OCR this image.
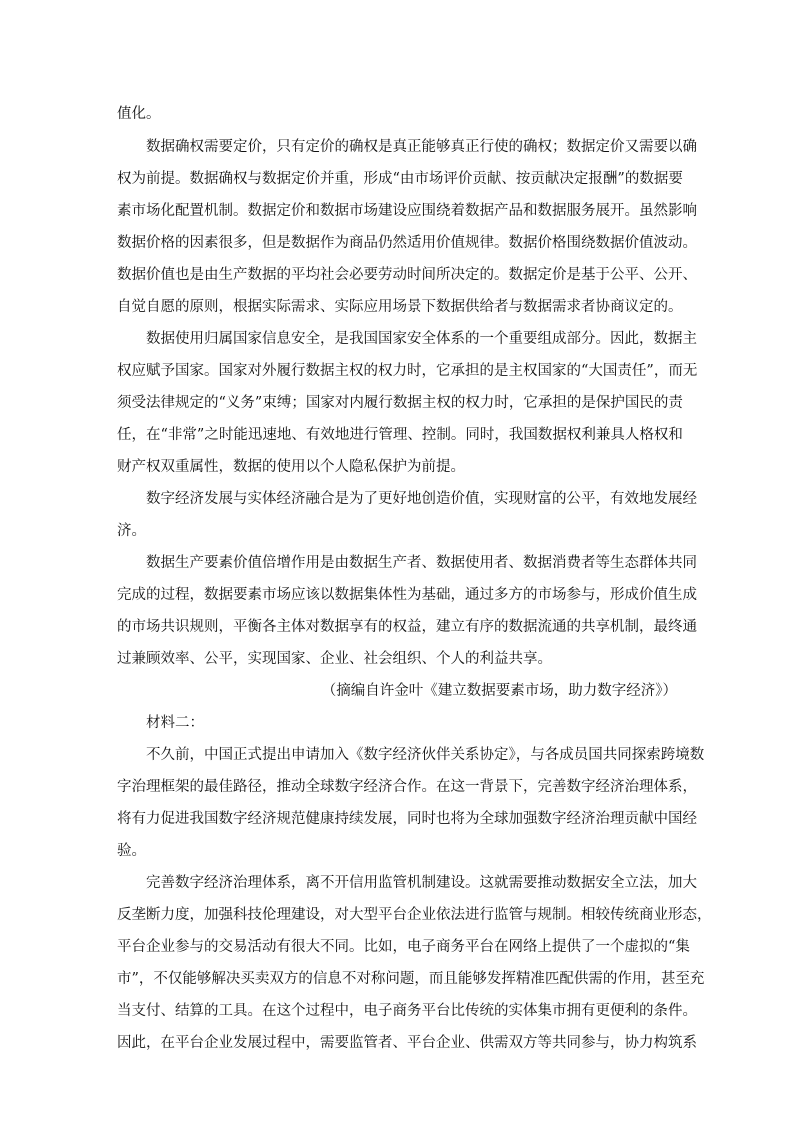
值化。
数据确权需要定价，只有定价的确权是真正能够真正行使的确权；数据定价又需要以确
权为前提。数据确权与数据定价并重，形成“由市场评价贡献、按贡献决定报酬”的数据要
素市场化配置机制。数据定价和数据市场建设应围绕着数据产品和数据服务展开。虽然影响
数据价格的因素很多，但是数据作为商品仍然适用价值规律。数据价格围绕数据价值波动。
数据价值也是由生产数据的平均社会必要劳动时间所决定的。数据定价是基于公平、公开、
自觉自愿的原则，根据实际需求、实际应用场景下数据供给者与数据需求者协商议定的。
数据使用归属国家信息安全，是我国国家安全体系的一个重要组成部分。因此，数据主
权应赋予国家。国家对外履行数据主权的权力时，它承担的是主权国家的“大国责任”，而无
须受法律规定的“义务”束缚；国家对内履行数据主权的权力时，它承担的是保护国民的责
任，在“非常”之时能迅速地、有效地进行管理、控制。同时，我国数据权利兼具人格权和
财产权双重属性，数据的使用以个人隐私保护为前提。
数字经济发展与实体经济融合是为了更好地创造价值，实现财富的公平，有效地发展经
济。
数据生产要素价值倍增作用是由数据生产者、数据使用者、数据消费者等生态群体共同
完成的过程，数据要素市场应该以数据集体性为基础，通过多方的市场参与，形成价值生成
的市场共识规则，平衡各主体对数据享有的权益，建立有序的数据流通的共享机制，最终通
过兼顾效率、公平，实现国家、企业、社会组织、个人的利益共享。
（摘编自许金叶《建立数据要素市场，助力数字经济》）
材料二：
不久前，中国正式提出申请加入《数字经济伙伴关系协定》，与各成员国共同探索跨境数
字治理框架的最佳路径，推动全球数字经济合作。在这一背景下，完善数字经济治理体系，
将有力促进我国数字经济规范健康持续发展，同时也将为全球加强数字经济治理贡献中国经
验。
完善数字经济治理体系，离不开信用监管机制建设。这就需要推动数据安全立法，加大
反垄断力度，加强科技伦理建设，对大型平台企业依法进行监管与规制。相较传统商业形态，
平台企业参与的交易活动有很大不同。比如，电子商务平台在网络上提供了一个虚拟的“集
市”，不仅能够解决买卖双方的信息不对称问题，而且能够发挥精准匹配供需的作用，甚至充
当支付、结算的工具。在这个过程中，电子商务平台比传统的实体集市拥有更便利的条件。
因此，在平台企业发展过程中，需要监管者、平台企业、供需双方等共同参与，协力构筑系
